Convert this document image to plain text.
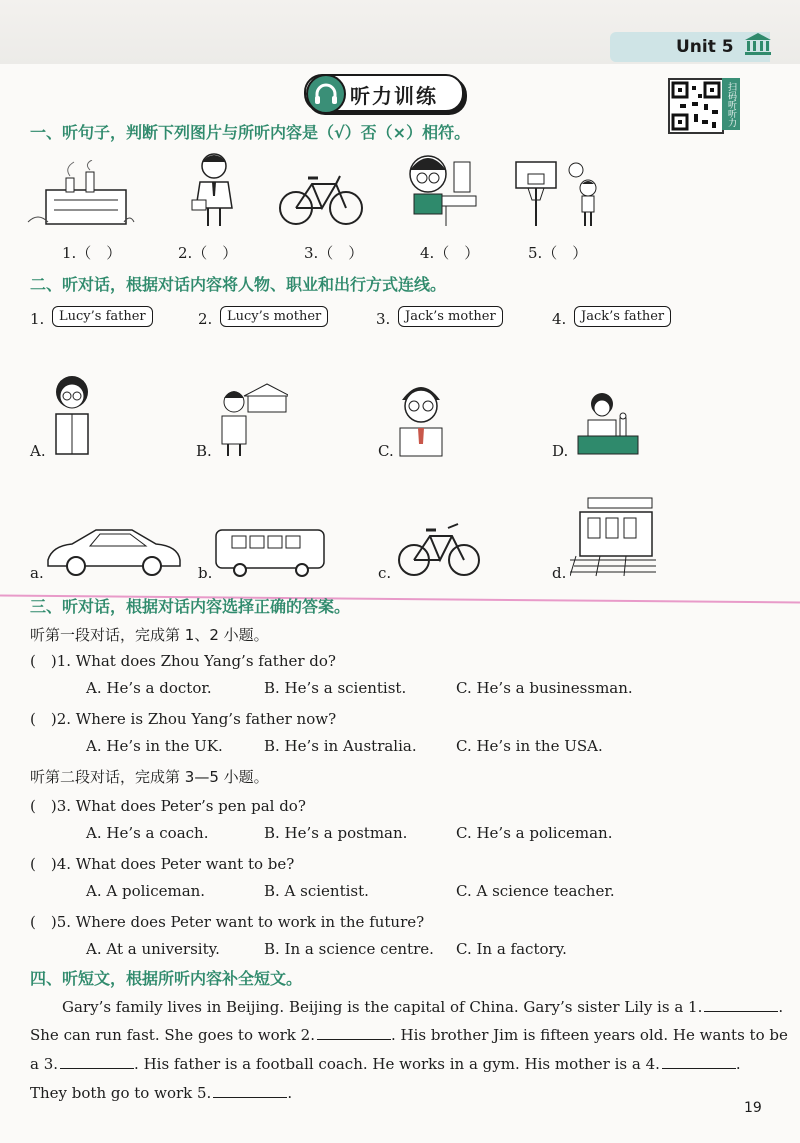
Unit 5
听力训练	扫码听听力
一、听句子，判断下列图片与所听内容是（√）否（×）相符。
1.（　）	2.（　）	3.（　）	4.（　）	5.（　）
二、听对话，根据对话内容将人物、职业和出行方式连线。
1.	Lucy’s father	2.	Lucy’s mother	3.	Jack’s mother	4.	Jack’s father
A.	B.	C.	D.
a.	b.	c.	d.
三、听对话，根据对话内容选择正确的答案。
听第一段对话，完成第 1、2 小题。
(　)1. What does Zhou Yang’s father do?
A. He’s a doctor.	B. He’s a scientist.	C. He’s a businessman.
(　)2. Where is Zhou Yang’s father now?
A. He’s in the UK.	B. He’s in Australia.	C. He’s in the USA.
听第二段对话，完成第 3—5 小题。
(　)3. What does Peter’s pen pal do?
A. He’s a coach.	B. He’s a postman.	C. He’s a policeman.
(　)4. What does Peter want to be?
A. A policeman.	B. A scientist.	C. A science teacher.
(　)5. Where does Peter want to work in the future?
A. At a university.	B. In a science centre. C. In a factory.
四、听短文，根据所听内容补全短文。
Gary’s family lives in Beijing. Beijing is the capital of China. Gary’s sister Lily is a 1.	.
She can run fast. She goes to work 2.	. His brother Jim is fifteen years old. He wants to be
a 3.	. His father is a football coach. He works in a gym. His mother is a 4.	.
They both go to work 5.	.
19
